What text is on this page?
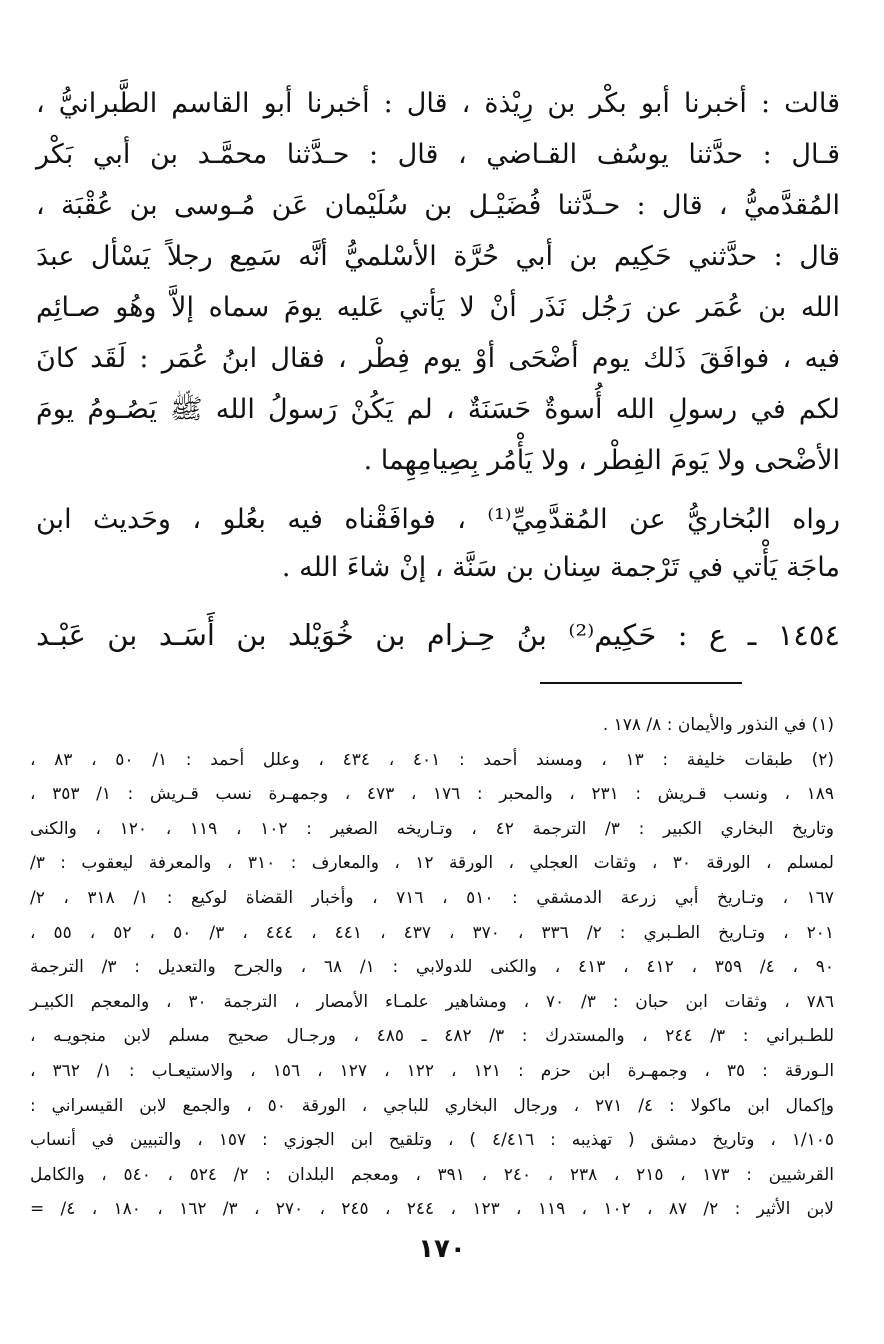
قالت : أخبرنا أبو بكْر بن رِيْذة ، قال : أخبرنا أبو القاسم الطَّبرانيُّ ،
قـال : حدَّثنا يوسُف القـاضي ، قال : حـدَّثنا محمَّـد بن أبي بَكْر
المُقدَّميُّ ، قال : حـدَّثنا فُضَيْـل بن سُلَيْمان عَن مُـوسى بن عُقْبَة ،
قال : حدَّثني حَكِيم بن أبي حُرَّة الأسْلميُّ أنَّه سَمِع رجلاً يَسْأل عبدَ
الله بن عُمَر عن رَجُل نَذَر أنْ لا يَأتي عَليه يومَ سماه إلاَّ وهُو صـائِم
فيه ، فوافَقَ ذَلك يوم أضْحَى أوْ يوم فِطْر ، فقال ابنُ عُمَر : لَقَد كانَ
لكم في رسولِ الله أُسوةٌ حَسَنَةٌ ، لم يَكُنْ رَسولُ الله ﷺ يَصُـومُ يومَ
الأضْحى ولا يَومَ الفِطْر ، ولا يَأْمُر بِصِيامِهِما .
رواه البُخاريُّ عن المُقدَّمِيِّ⁽¹⁾ ، فوافَقْناه فيه بعُلو ، وحَديث ابن
ماجَة يَأْتي في تَرْجمة سِنان بن سَنَّة ، إنْ شاءَ الله .
١٤٥٤ ـ ع : حَكِيم⁽²⁾ بنُ حِـزام بن خُوَيْلد بن أَسَـد بن عَبْـد
(١) في النذور والأيمان : ٨/ ١٧٨ .
(٢) طبقات خليفة : ١٣ ، ومسند أحمد : ٤٠١ ، ٤٣٤ ، وعلل أحمد : ١/ ٥٠ ، ٨٣ ،
١٨٩ ، ونسب قـريش : ٢٣١ ، والمحبر : ١٧٦ ، ٤٧٣ ، وجمهـرة نسب قـريش : ١/ ٣٥٣ ،
وتاريخ البخاري الكبير : ٣/ الترجمة ٤٢ ، وتـاريخه الصغير : ١٠٢ ، ١١٩ ، ١٢٠ ، والكنى
لمسلم ، الورقة ٣٠ ، وثقات العجلي ، الورقة ١٢ ، والمعارف : ٣١٠ ، والمعرفة ليعقوب : ٣/
١٦٧ ، وتـاريخ أبي زرعة الدمشقي : ٥١٠ ، ٧١٦ ، وأخبار القضاة لوكيع : ١/ ٣١٨ ، ٢/
٢٠١ ، وتـاريخ الطـبري : ٢/ ٣٣٦ ، ٣٧٠ ، ٤٣٧ ، ٤٤١ ، ٤٤٤ ، ٣/ ٥٠ ، ٥٢ ، ٥٥ ،
٩٠ ، ٤/ ٣٥٩ ، ٤١٢ ، ٤١٣ ، والكنى للدولابي : ١/ ٦٨ ، والجرح والتعديل : ٣/ الترجمة
٧٨٦ ، وثقات ابن حبان : ٣/ ٧٠ ، ومشاهير علمـاء الأمصار ، الترجمة ٣٠ ، والمعجم الكبيـر
للطـبراني : ٣/ ٢٤٤ ، والمستدرك : ٣/ ٤٨٢ ـ ٤٨٥ ، ورجـال صحيح مسلم لابن منجويـه ،
الـورقة : ٣٥ ، وجمهـرة ابن حزم : ١٢١ ، ١٢٢ ، ١٢٧ ، ١٥٦ ، والاستيعـاب : ١/ ٣٦٢ ،
وإكمال ابن ماكولا : ٤/ ٢٧١ ، ورجال البخاري للباجي ، الورقة ٥٠ ، والجمع لابن القيسراني :
١/١٠٥ ، وتاريخ دمشق ( تهذيبه : ٤/٤١٦ ) ، وتلقيح ابن الجوزي : ١٥٧ ، والتبيين في أنساب
القرشيين : ١٧٣ ، ٢١٥ ، ٢٣٨ ، ٢٤٠ ، ٣٩١ ، ومعجم البلدان : ٢/ ٥٢٤ ، ٥٤٠ ، والكامل
لابن الأثير : ٢/ ٨٧ ، ١٠٢ ، ١١٩ ، ١٢٣ ، ٢٤٤ ، ٢٤٥ ، ٢٧٠ ، ٣/ ١٦٢ ، ١٨٠ ، ٤/ =
١٧٠
